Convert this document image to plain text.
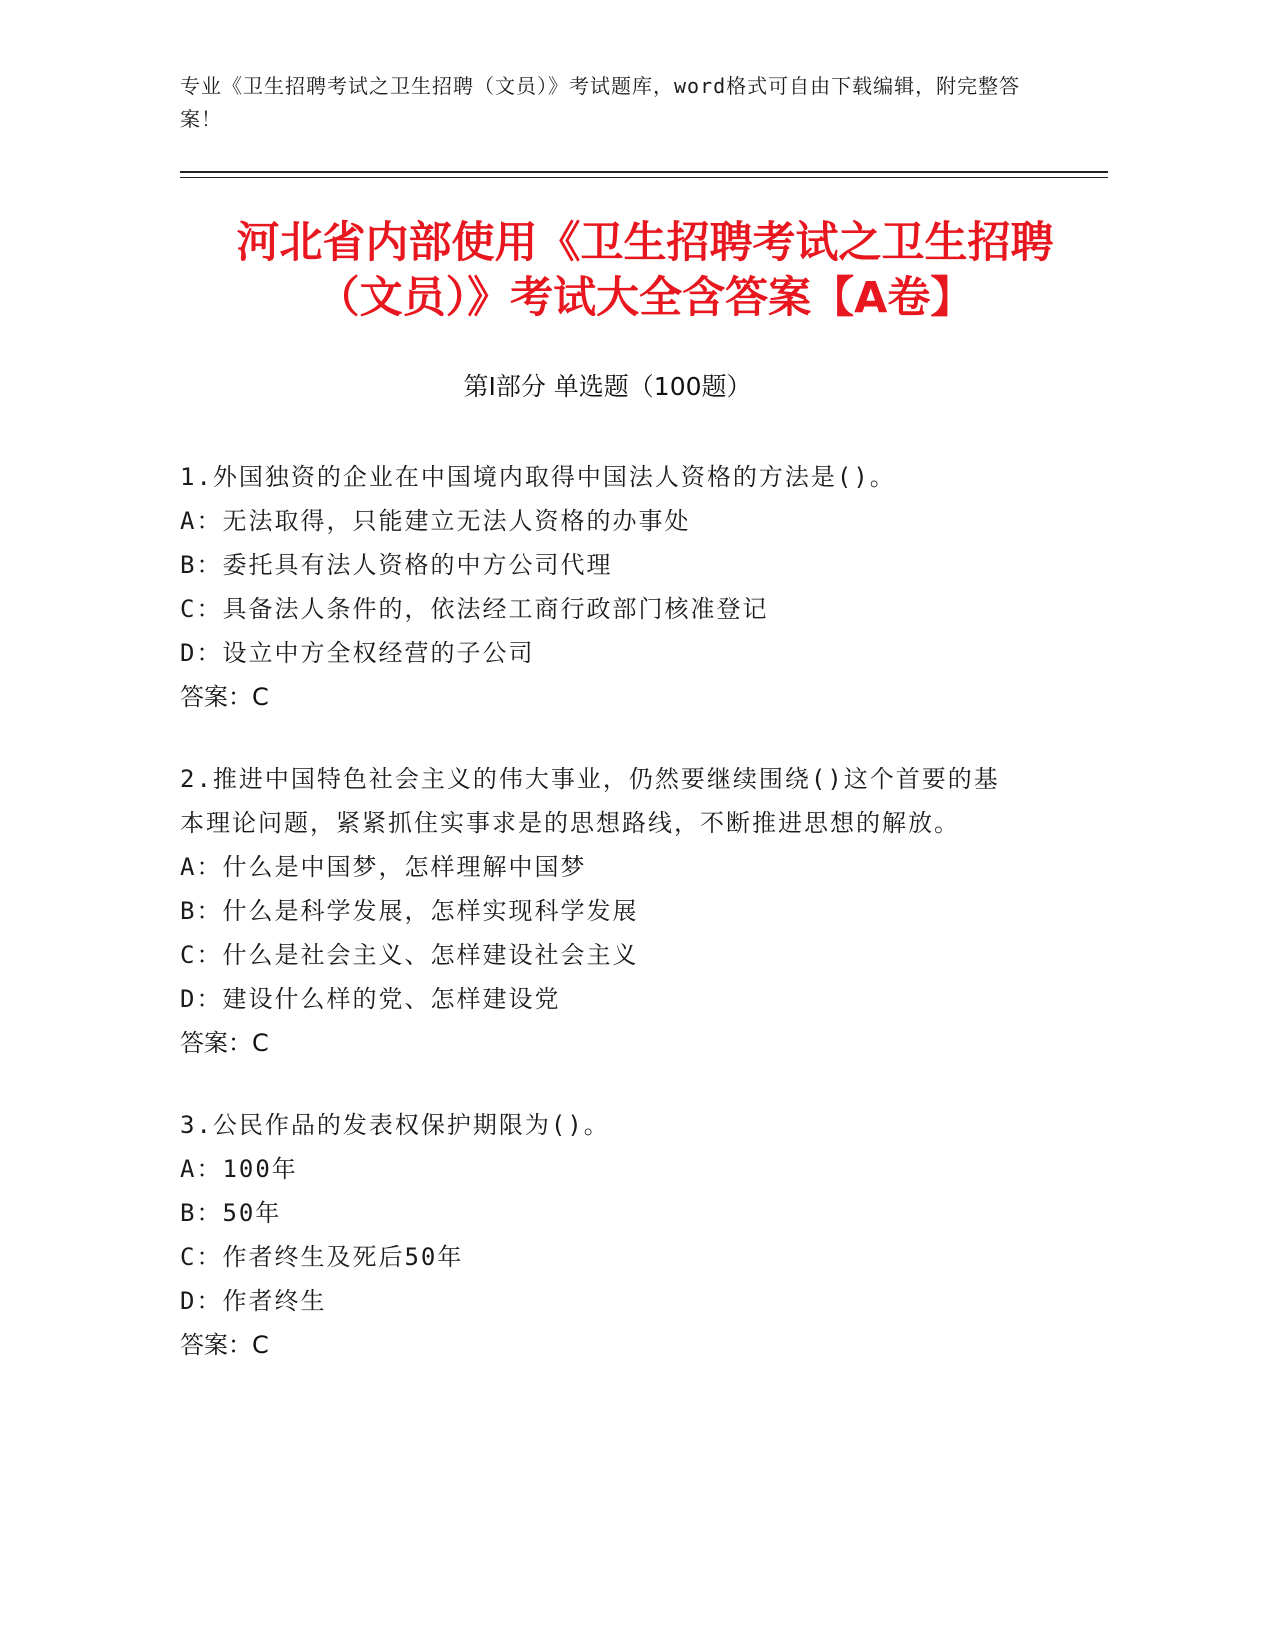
专业《卫生招聘考试之卫生招聘（文员）》考试题库，word格式可自由下载编辑，附完整答案！
河北省内部使用《卫生招聘考试之卫生招聘
（文员）》考试大全含答案【A卷】
第Ⅰ部分 单选题（100题）
1.外国独资的企业在中国境内取得中国法人资格的方法是()。
A：无法取得，只能建立无法人资格的办事处
B：委托具有法人资格的中方公司代理
C：具备法人条件的，依法经工商行政部门核准登记
D：设立中方全权经营的子公司
答案：C
2.推进中国特色社会主义的伟大事业，仍然要继续围绕()这个首要的基本理论问题，紧紧抓住实事求是的思想路线，不断推进思想的解放。
A：什么是中国梦，怎样理解中国梦
B：什么是科学发展，怎样实现科学发展
C：什么是社会主义、怎样建设社会主义
D：建设什么样的党、怎样建设党
答案：C
3.公民作品的发表权保护期限为()。
A：100年
B：50年
C：作者终生及死后50年
D：作者终生
答案：C
